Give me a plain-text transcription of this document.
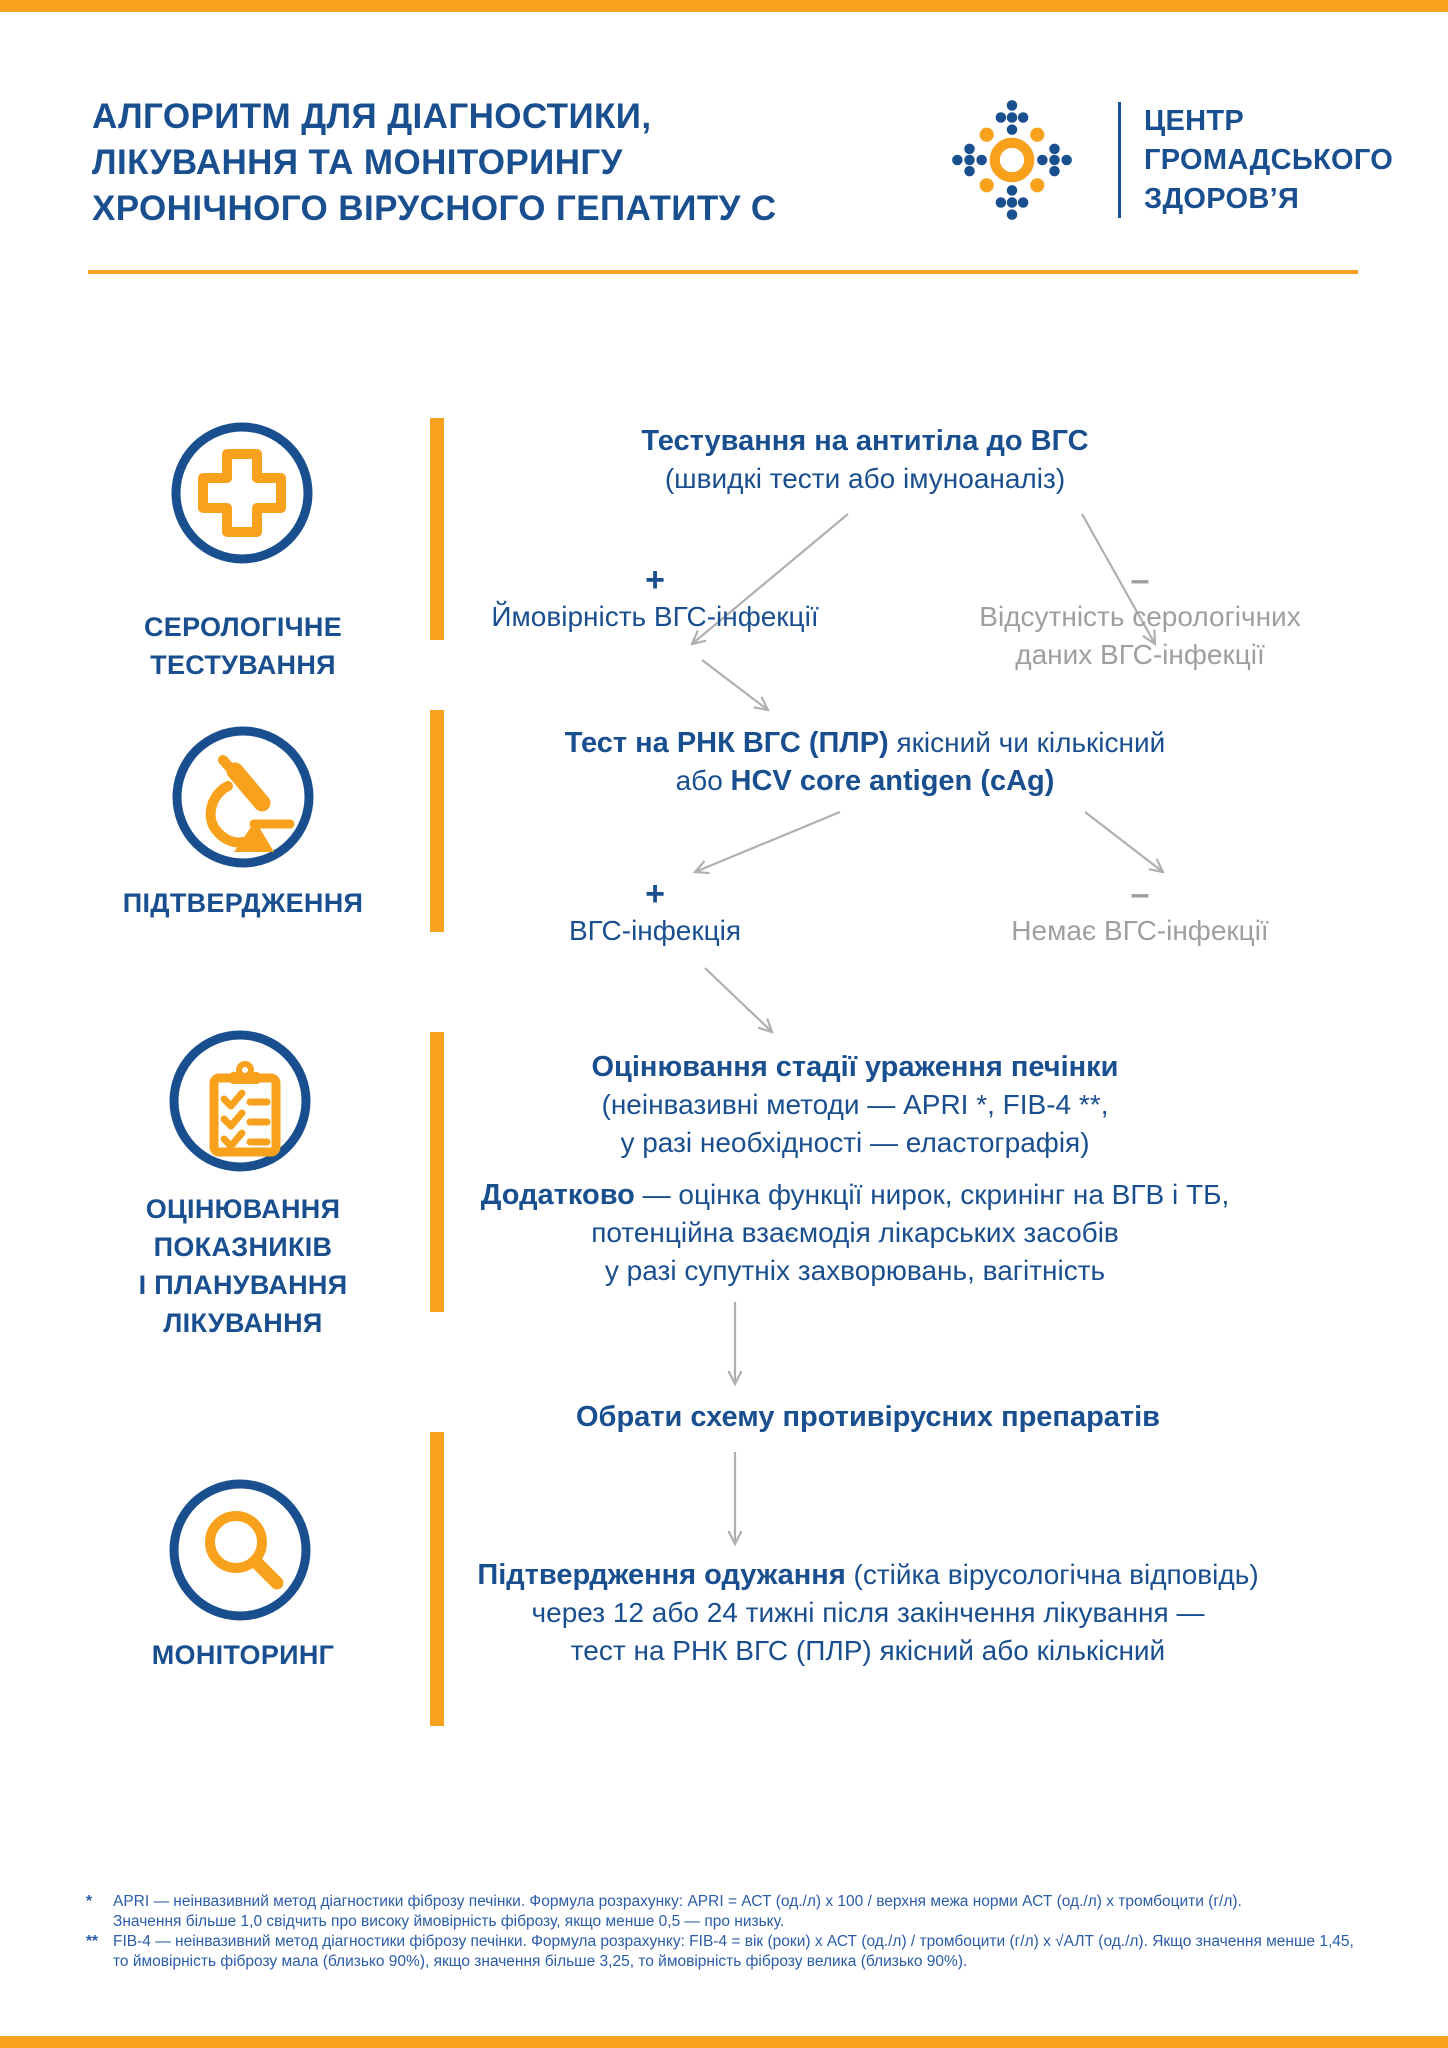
АЛГОРИТМ ДЛЯ ДІАГНОСТИКИ,
ЛІКУВАННЯ ТА МОНІТОРИНГУ
ХРОНІЧНОГО ВІРУСНОГО ГЕПАТИТУ С
ЦЕНТР
ГРОМАДСЬКОГО
ЗДОРОВ’Я
СЕРОЛОГІЧНЕ
ТЕСТУВАННЯ
Тестування на антитіла до ВГС
(швидкі тести або імуноаналіз)
+
Ймовірність ВГС-інфекції
–
Відсутність серологічних
даних ВГС-інфекції
ПІДТВЕРДЖЕННЯ
Тест на РНК ВГС (ПЛР) якісний чи кількісний
або HCV core antigen (cAg)
+
ВГС-інфекція
–
Немає ВГС-інфекції
ОЦІНЮВАННЯ
ПОКАЗНИКІВ
І ПЛАНУВАННЯ
ЛІКУВАННЯ
Оцінювання стадії ураження печінки
(неінвазивні методи — APRI *, FIB-4 **,
у разі необхідності — еластографія)
Додатково — оцінка функції нирок, скринінг на ВГВ і ТБ,
потенційна взаємодія лікарських засобів
у разі супутніх захворювань, вагітність
Обрати схему противірусних препаратів
МОНІТОРИНГ
Підтвердження одужання (стійка вірусологічна відповідь)
через 12 або 24 тижні після закінчення лікування —
тест на РНК ВГС (ПЛР) якісний або кількісний
*	APRI — неінвазивний метод діагностики фіброзу печінки. Формула розрахунку: APRI = АСТ (од./л) х 100 / верхня межа норми АСТ (од./л) х тромбоцити (г/л).
Значення більше 1,0 свідчить про високу ймовірність фіброзу, якщо менше 0,5 — про низьку.
** FIB-4 — неінвазивний метод діагностики фіброзу печінки. Формула розрахунку: FIB-4 = вік (роки) х АСТ (од./л) / тромбоцити (г/л) х √АЛТ (од./л). Якщо значення менше 1,45,
то ймовірність фіброзу мала (близько 90%), якщо значення більше 3,25, то ймовірність фіброзу велика (близько 90%).
